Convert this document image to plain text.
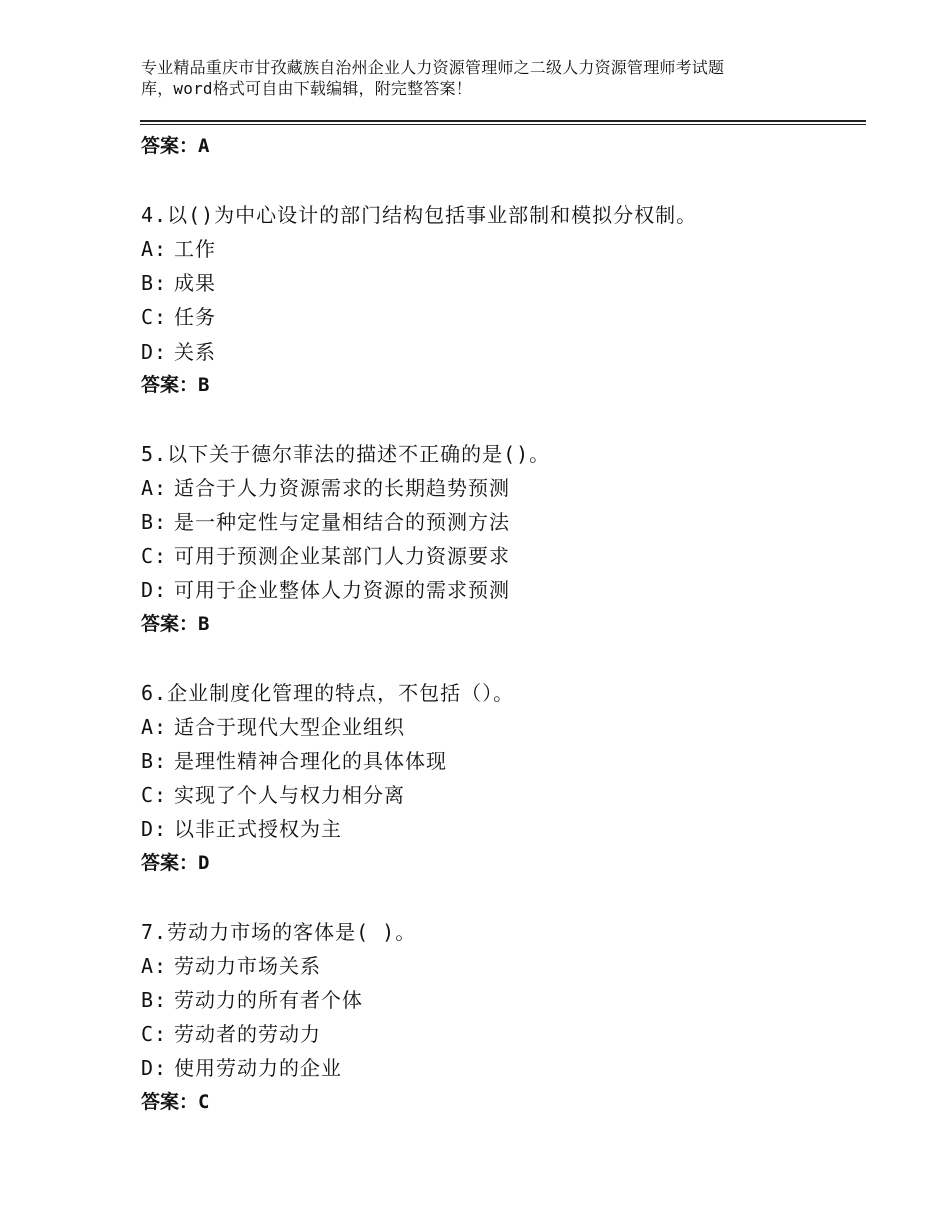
专业精品重庆市甘孜藏族自治州企业人力资源管理师之二级人力资源管理师考试题
库，word格式可自由下载编辑，附完整答案！
答案：A
4.以()为中心设计的部门结构包括事业部制和模拟分权制。
A: 工作
B: 成果
C: 任务
D: 关系
答案：B
5.以下关于德尔菲法的描述不正确的是()。
A: 适合于人力资源需求的长期趋势预测
B: 是一种定性与定量相结合的预测方法
C: 可用于预测企业某部门人力资源要求
D: 可用于企业整体人力资源的需求预测
答案：B
6.企业制度化管理的特点，不包括（）。
A: 适合于现代大型企业组织
B: 是理性精神合理化的具体体现
C: 实现了个人与权力相分离
D: 以非正式授权为主
答案：D
7.劳动力市场的客体是( )。
A: 劳动力市场关系
B: 劳动力的所有者个体
C: 劳动者的劳动力
D: 使用劳动力的企业
答案：C
